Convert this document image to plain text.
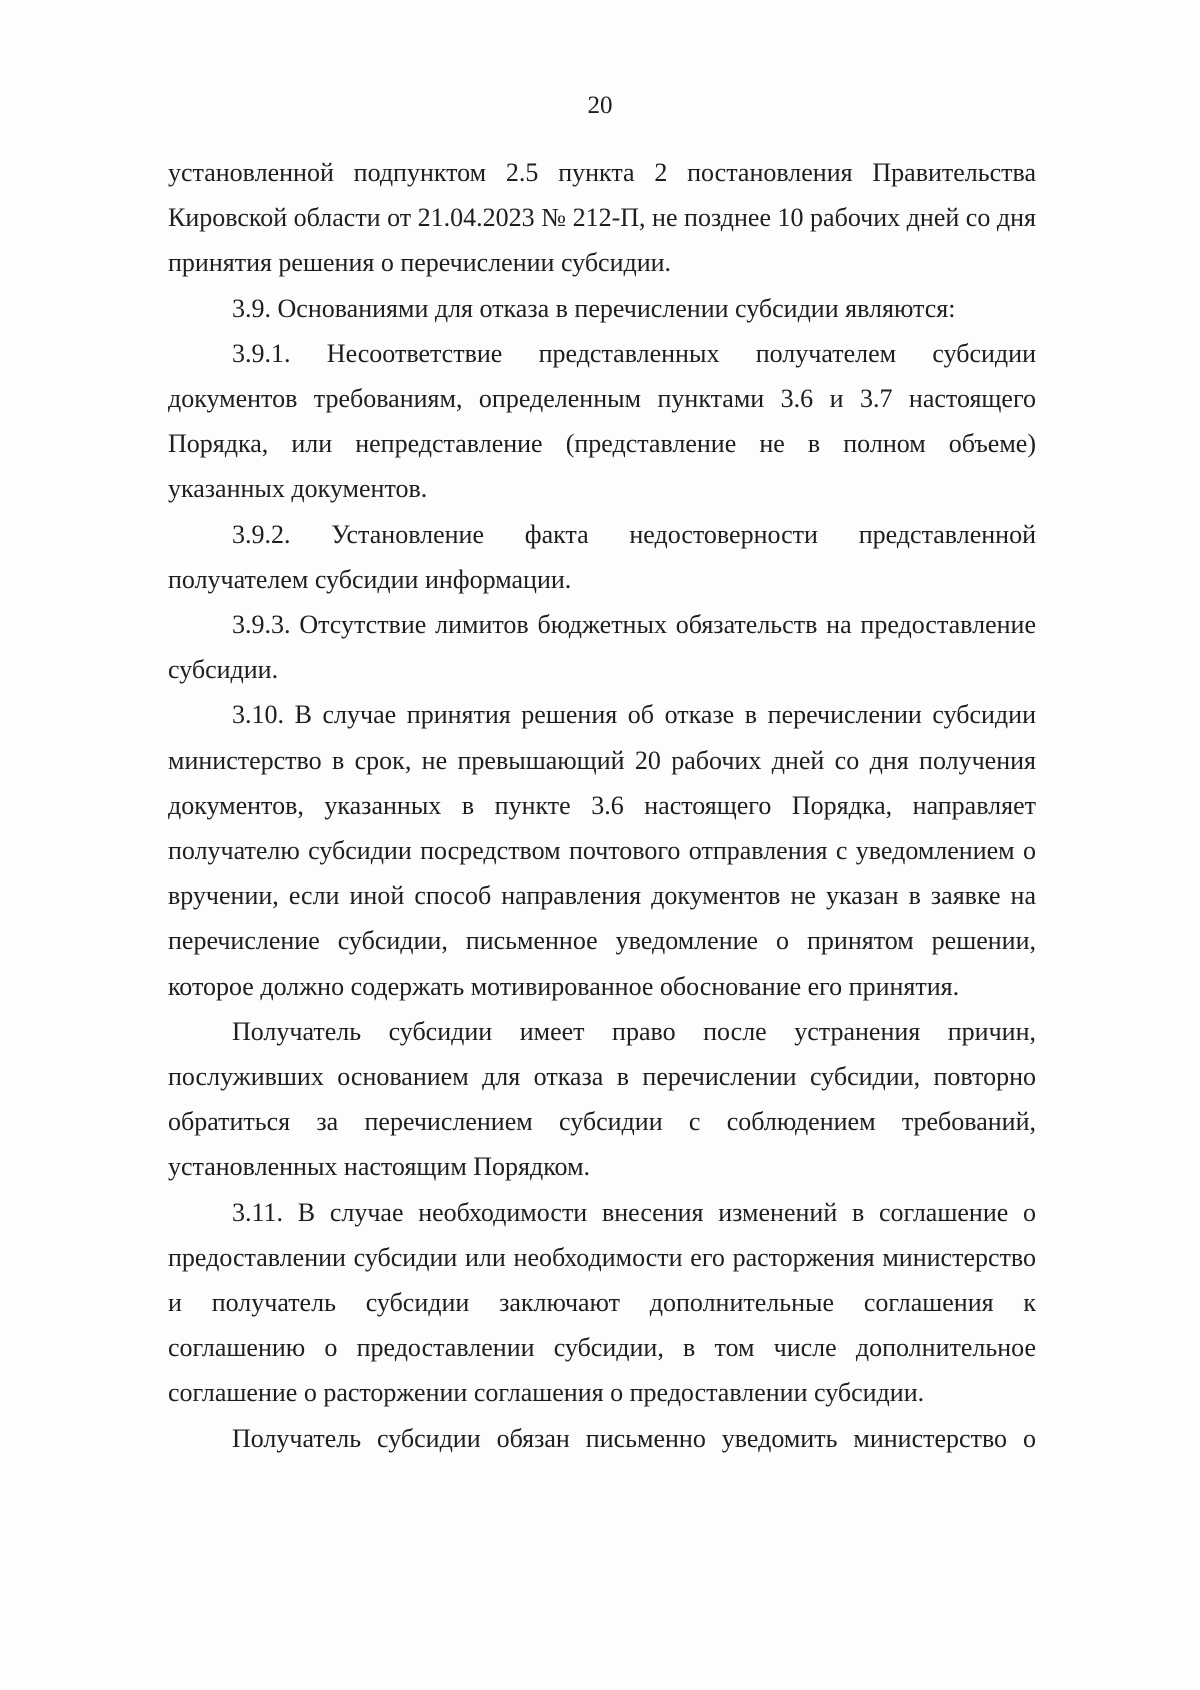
20

установленной подпунктом 2.5 пункта 2 постановления Правительства Кировской области от 21.04.2023 № 212-П, не позднее 10 рабочих дней со дня принятия решения о перечислении субсидии.

3.9. Основаниями для отказа в перечислении субсидии являются:

3.9.1. Несоответствие представленных получателем субсидии документов требованиям, определенным пунктами 3.6 и 3.7 настоящего Порядка, или непредставление (представление не в полном объеме) указанных документов.

3.9.2. Установление факта недостоверности представленной получателем субсидии информации.

3.9.3. Отсутствие лимитов бюджетных обязательств на предоставление субсидии.

3.10. В случае принятия решения об отказе в перечислении субсидии министерство в срок, не превышающий 20 рабочих дней со дня получения документов, указанных в пункте 3.6 настоящего Порядка, направляет получателю субсидии посредством почтового отправления с уведомлением о вручении, если иной способ направления документов не указан в заявке на перечисление субсидии, письменное уведомление о принятом решении, которое должно содержать мотивированное обоснование его принятия.

Получатель субсидии имеет право после устранения причин, послуживших основанием для отказа в перечислении субсидии, повторно обратиться за перечислением субсидии с соблюдением требований, установленных настоящим Порядком.

3.11. В случае необходимости внесения изменений в соглашение о предоставлении субсидии или необходимости его расторжения министерство и получатель субсидии заключают дополнительные соглашения к соглашению о предоставлении субсидии, в том числе дополнительное соглашение о расторжении соглашения о предоставлении субсидии.

Получатель субсидии обязан письменно уведомить министерство о
